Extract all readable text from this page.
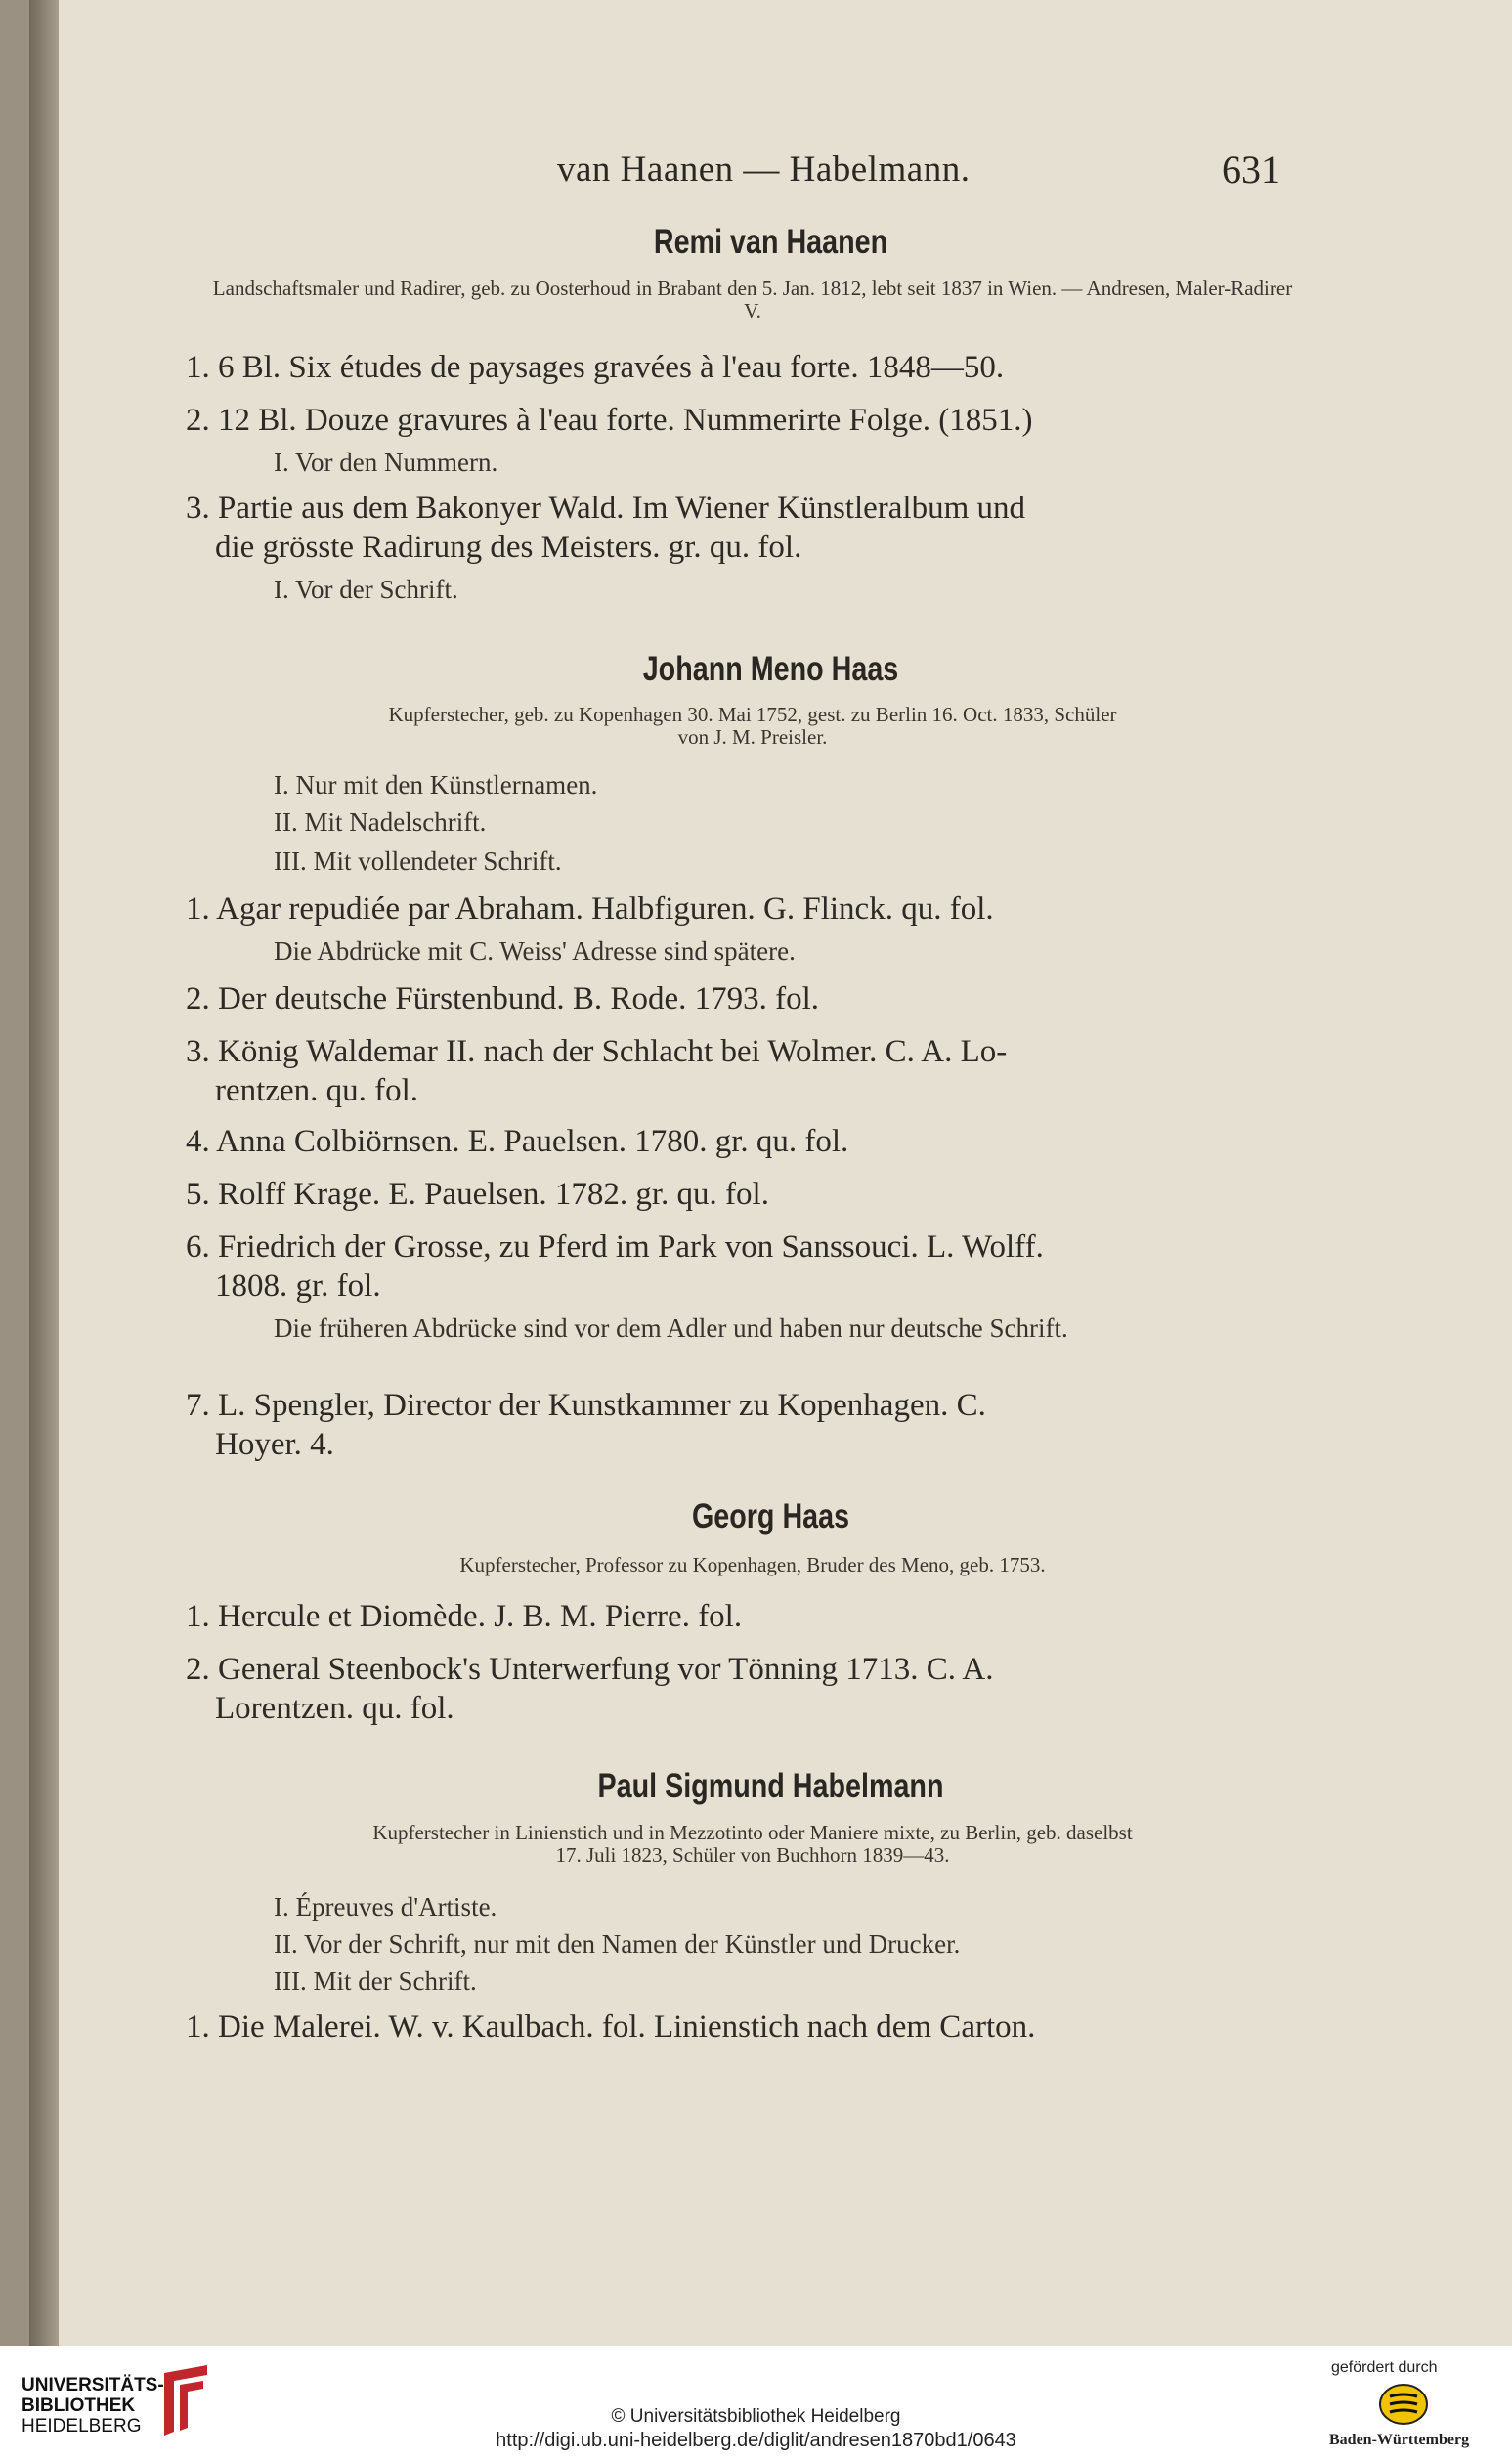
van Haanen — Habelmann.	631
Remi van Haanen
Landschaftsmaler und Radirer, geb. zu Oosterhoud in Brabant den 5. Jan. 1812, lebt seit 1837 in Wien. — Andresen, Maler-Radirer V.
1. 6 Bl. Six études de paysages gravées à l'eau forte. 1848—50.
2. 12 Bl. Douze gravures à l'eau forte. Nummerirte Folge. (1851.)
I. Vor den Nummern.
3. Partie aus dem Bakonyer Wald. Im Wiener Künstleralbum und
die grösste Radirung des Meisters. gr. qu. fol.
I. Vor der Schrift.
Johann Meno Haas
Kupferstecher, geb. zu Kopenhagen 30. Mai 1752, gest. zu Berlin 16. Oct. 1833, Schüler
von J. M. Preisler.
I. Nur mit den Künstlernamen.
II. Mit Nadelschrift.
III. Mit vollendeter Schrift.
1. Agar repudiée par Abraham. Halbfiguren. G. Flinck. qu. fol.
Die Abdrücke mit C. Weiss' Adresse sind spätere.
2. Der deutsche Fürstenbund. B. Rode. 1793. fol.
3. König Waldemar II. nach der Schlacht bei Wolmer. C. A. Lo-
rentzen. qu. fol.
4. Anna Colbiörnsen. E. Pauelsen. 1780. gr. qu. fol.
5. Rolff Krage. E. Pauelsen. 1782. gr. qu. fol.
6. Friedrich der Grosse, zu Pferd im Park von Sanssouci. L. Wolff.
1808. gr. fol.
Die früheren Abdrücke sind vor dem Adler und haben nur deutsche Schrift.
7. L. Spengler, Director der Kunstkammer zu Kopenhagen. C.
Hoyer. 4.
Georg Haas
Kupferstecher, Professor zu Kopenhagen, Bruder des Meno, geb. 1753.
1. Hercule et Diomède. J. B. M. Pierre. fol.
2. General Steenbock's Unterwerfung vor Tönning 1713. C. A.
Lorentzen. qu. fol.
Paul Sigmund Habelmann
Kupferstecher in Linienstich und in Mezzotinto oder Maniere mixte, zu Berlin, geb. daselbst
17. Juli 1823, Schüler von Buchhorn 1839—43.
I. Épreuves d'Artiste.
II. Vor der Schrift, nur mit den Namen der Künstler und Drucker.
III. Mit der Schrift.
1. Die Malerei. W. v. Kaulbach. fol. Linienstich nach dem Carton.
UNIVERSITÄTS-
BIBLIOTHEK
HEIDELBERG	© Universitätsbibliothek Heidelberg
http://digi.ub.uni-heidelberg.de/diglit/andresen1870bd1/0643
gefördert durch
Baden-Württemberg
